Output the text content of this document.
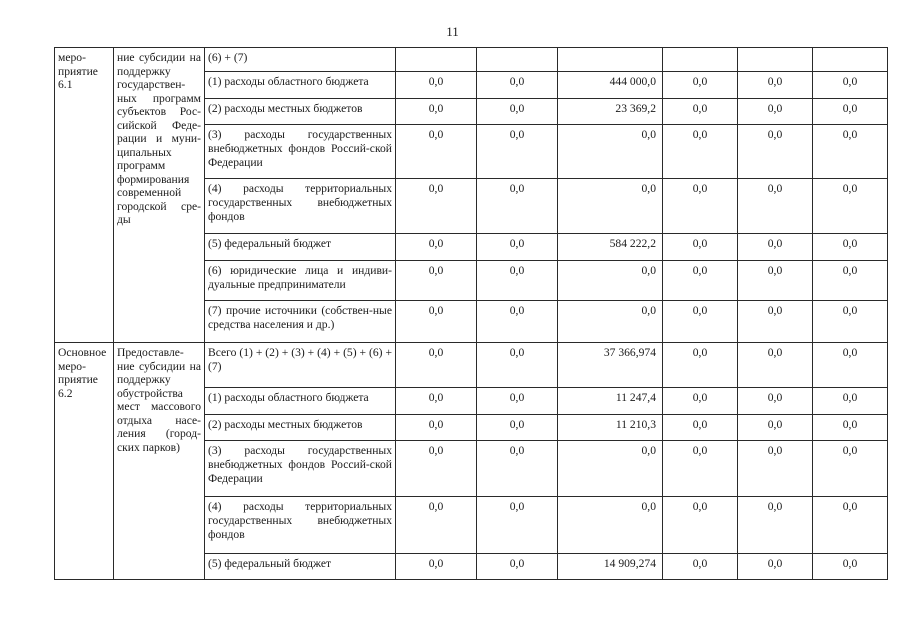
11
меро-
приятие
6.1	ние субсидии на поддержку государствен-ных программ субъектов Рос-сийской Феде-рации и муни-ципальных программ формирования современной городской сре-ды	(6) + (7)						
		(1) расходы областного бюджета	0,0	0,0	444 000,0	0,0	0,0	0,0
		(2) расходы местных бюджетов	0,0	0,0	23 369,2	0,0	0,0	0,0
		(3) расходы государственных внебюджетных фондов Россий-ской Федерации	0,0	0,0	0,0	0,0	0,0	0,0
		(4) расходы территориальных государственных внебюджетных фондов	0,0	0,0	0,0	0,0	0,0	0,0
		(5) федеральный бюджет	0,0	0,0	584 222,2	0,0	0,0	0,0
		(6) юридические лица и индиви-дуальные предприниматели	0,0	0,0	0,0	0,0	0,0	0,0
		(7) прочие источники (собствен-ные средства населения и др.)	0,0	0,0	0,0	0,0	0,0	0,0
Основное
меро-
приятие
6.2	Предоставле-ние субсидии на поддержку обустройства мест массового отдыха насе-ления (город-ских парков)	Всего (1) + (2) + (3) + (4) + (5) + (6) + (7)	0,0	0,0	37 366,974	0,0	0,0	0,0
		(1) расходы областного бюджета	0,0	0,0	11 247,4	0,0	0,0	0,0
		(2) расходы местных бюджетов	0,0	0,0	11 210,3	0,0	0,0	0,0
		(3) расходы государственных внебюджетных фондов Россий-ской Федерации	0,0	0,0	0,0	0,0	0,0	0,0
		(4) расходы территориальных государственных внебюджетных фондов	0,0	0,0	0,0	0,0	0,0	0,0
		(5) федеральный бюджет	0,0	0,0	14 909,274	0,0	0,0	0,0
